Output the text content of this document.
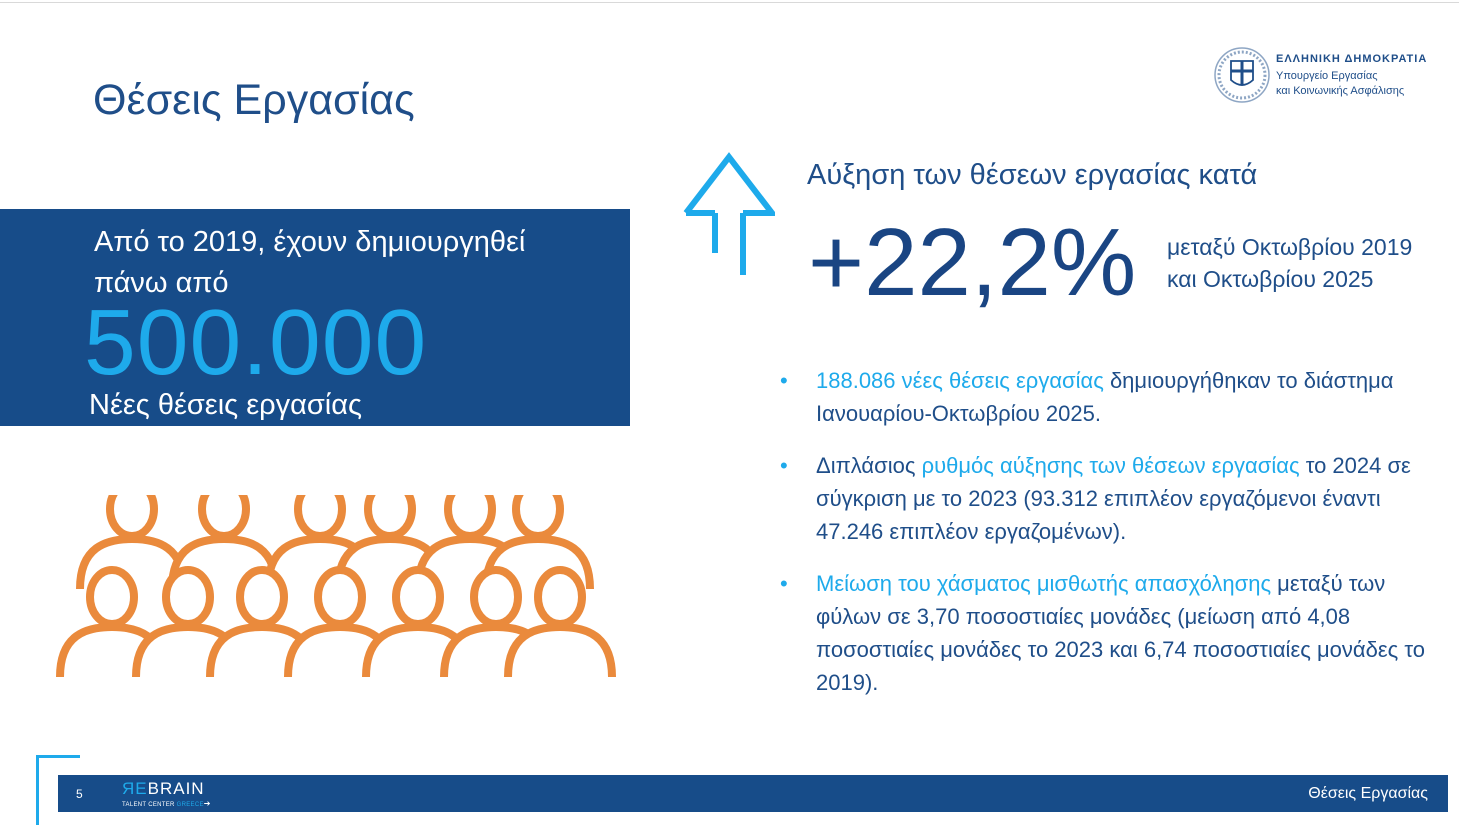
Θέσεις Εργασίας
ΕΛΛΗΝΙΚΗ ΔΗΜΟΚΡΑΤΙΑ
Υπουργείο Εργασίας
και Κοινωνικής Ασφάλισης
Από το 2019, έχουν δημιουργηθεί πάνω από
500.000
Νέες θέσεις εργασίας
Αύξηση των θέσεων εργασίας κατά
+22,2% μεταξύ Οκτωβρίου 2019
και Οκτωβρίου 2025
• 188.086 νέες θέσεις εργασίας δημιουργήθηκαν το διάστημα Ιανουαρίου-Οκτωβρίου 2025.
• Διπλάσιος ρυθμός αύξησης των θέσεων εργασίας το 2024 σε σύγκριση με το 2023 (93.312 επιπλέον εργαζόμενοι έναντι 47.246 επιπλέον εργαζομένων).
• Μείωση του χάσματος μισθωτής απασχόλησης μεταξύ των φύλων σε 3,70 ποσοστιαίες μονάδες (μείωση από 4,08 ποσοστιαίες μονάδες το 2023 και 6,74 ποσοστιαίες μονάδες το 2019).
5 ЯEBRAIN
TALENT CENTER GREECE➔
Θέσεις Εργασίας
